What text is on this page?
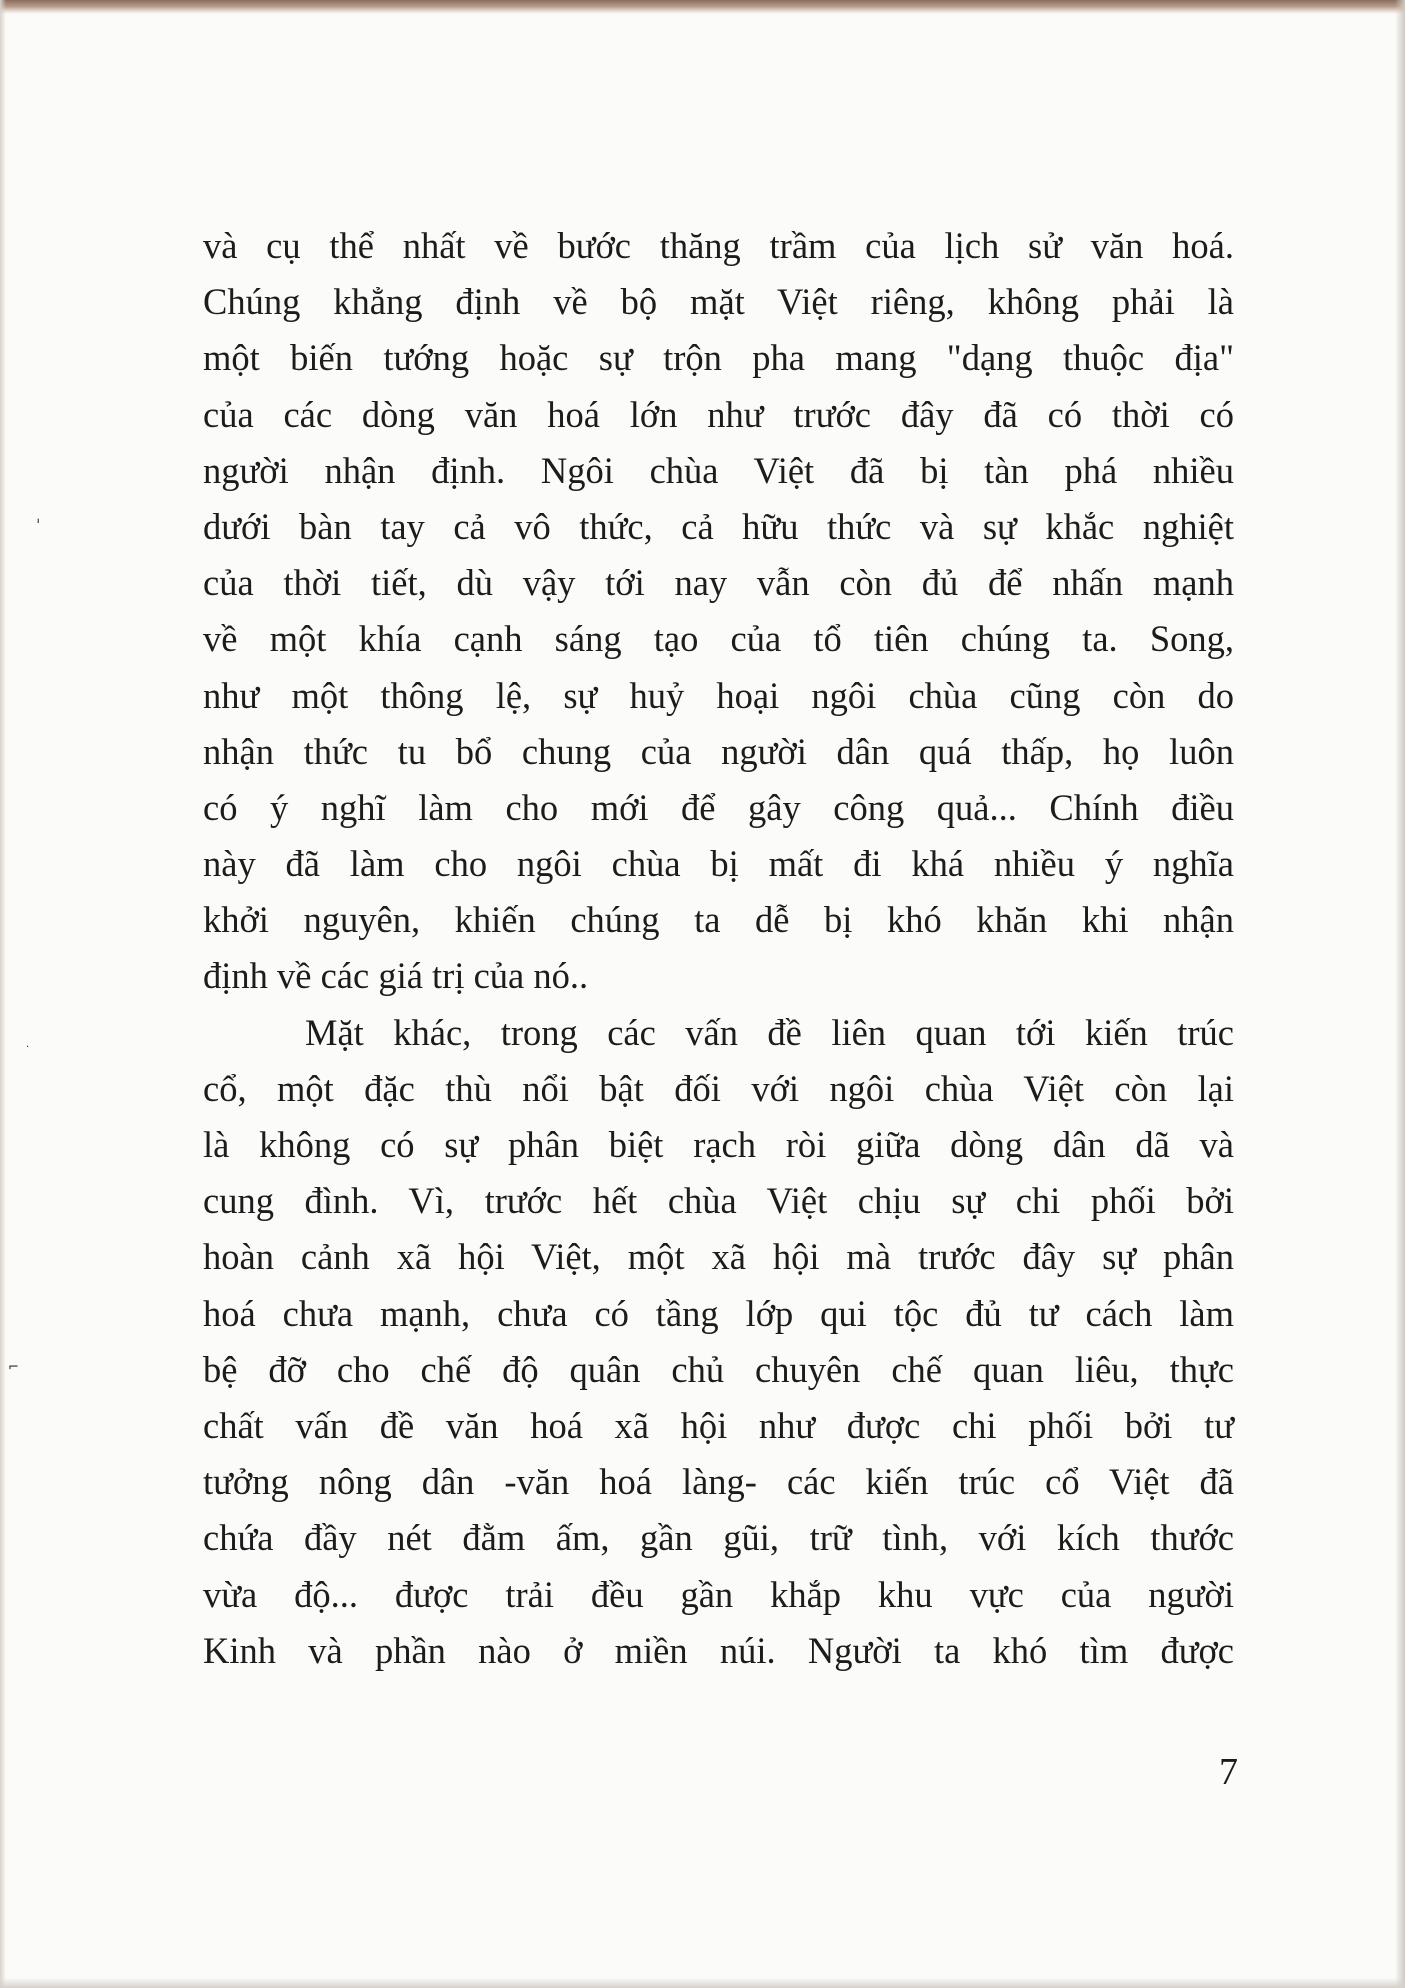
ˈ
⌐
·
và cụ thể nhất về bước thăng trầm của lịch sử văn hoá.
Chúng khẳng định về bộ mặt Việt riêng, không phải là
một biến tướng hoặc sự trộn pha mang "dạng thuộc địa"
của các dòng văn hoá lớn như trước đây đã có thời có
người nhận định. Ngôi chùa Việt đã bị tàn phá nhiều
dưới bàn tay cả vô thức, cả hữu thức và sự khắc nghiệt
của thời tiết, dù vậy tới nay vẫn còn đủ để nhấn mạnh
về một khía cạnh sáng tạo của tổ tiên chúng ta. Song,
như một thông lệ, sự huỷ hoại ngôi chùa cũng còn do
nhận thức tu bổ chung của người dân quá thấp, họ luôn
có ý nghĩ làm cho mới để gây công quả... Chính điều
này đã làm cho ngôi chùa bị mất đi khá nhiều ý nghĩa
khởi nguyên, khiến chúng ta dễ bị khó khăn khi nhận
định về các giá trị của nó..
Mặt khác, trong các vấn đề liên quan tới kiến trúc
cổ, một đặc thù nổi bật đối với ngôi chùa Việt còn lại
là không có sự phân biệt rạch ròi giữa dòng dân dã và
cung đình. Vì, trước hết chùa Việt chịu sự chi phối bởi
hoàn cảnh xã hội Việt, một xã hội mà trước đây sự phân
hoá chưa mạnh, chưa có tầng lớp qui tộc đủ tư cách làm
bệ đỡ cho chế độ quân chủ chuyên chế quan liêu, thực
chất vấn đề văn hoá xã hội như được chi phối bởi tư
tưởng nông dân -văn hoá làng- các kiến trúc cổ Việt đã
chứa đầy nét đằm ấm, gần gũi, trữ tình, với kích thước
vừa độ... được trải đều gần khắp khu vực của người
Kinh và phần nào ở miền núi. Người ta khó tìm được
7
